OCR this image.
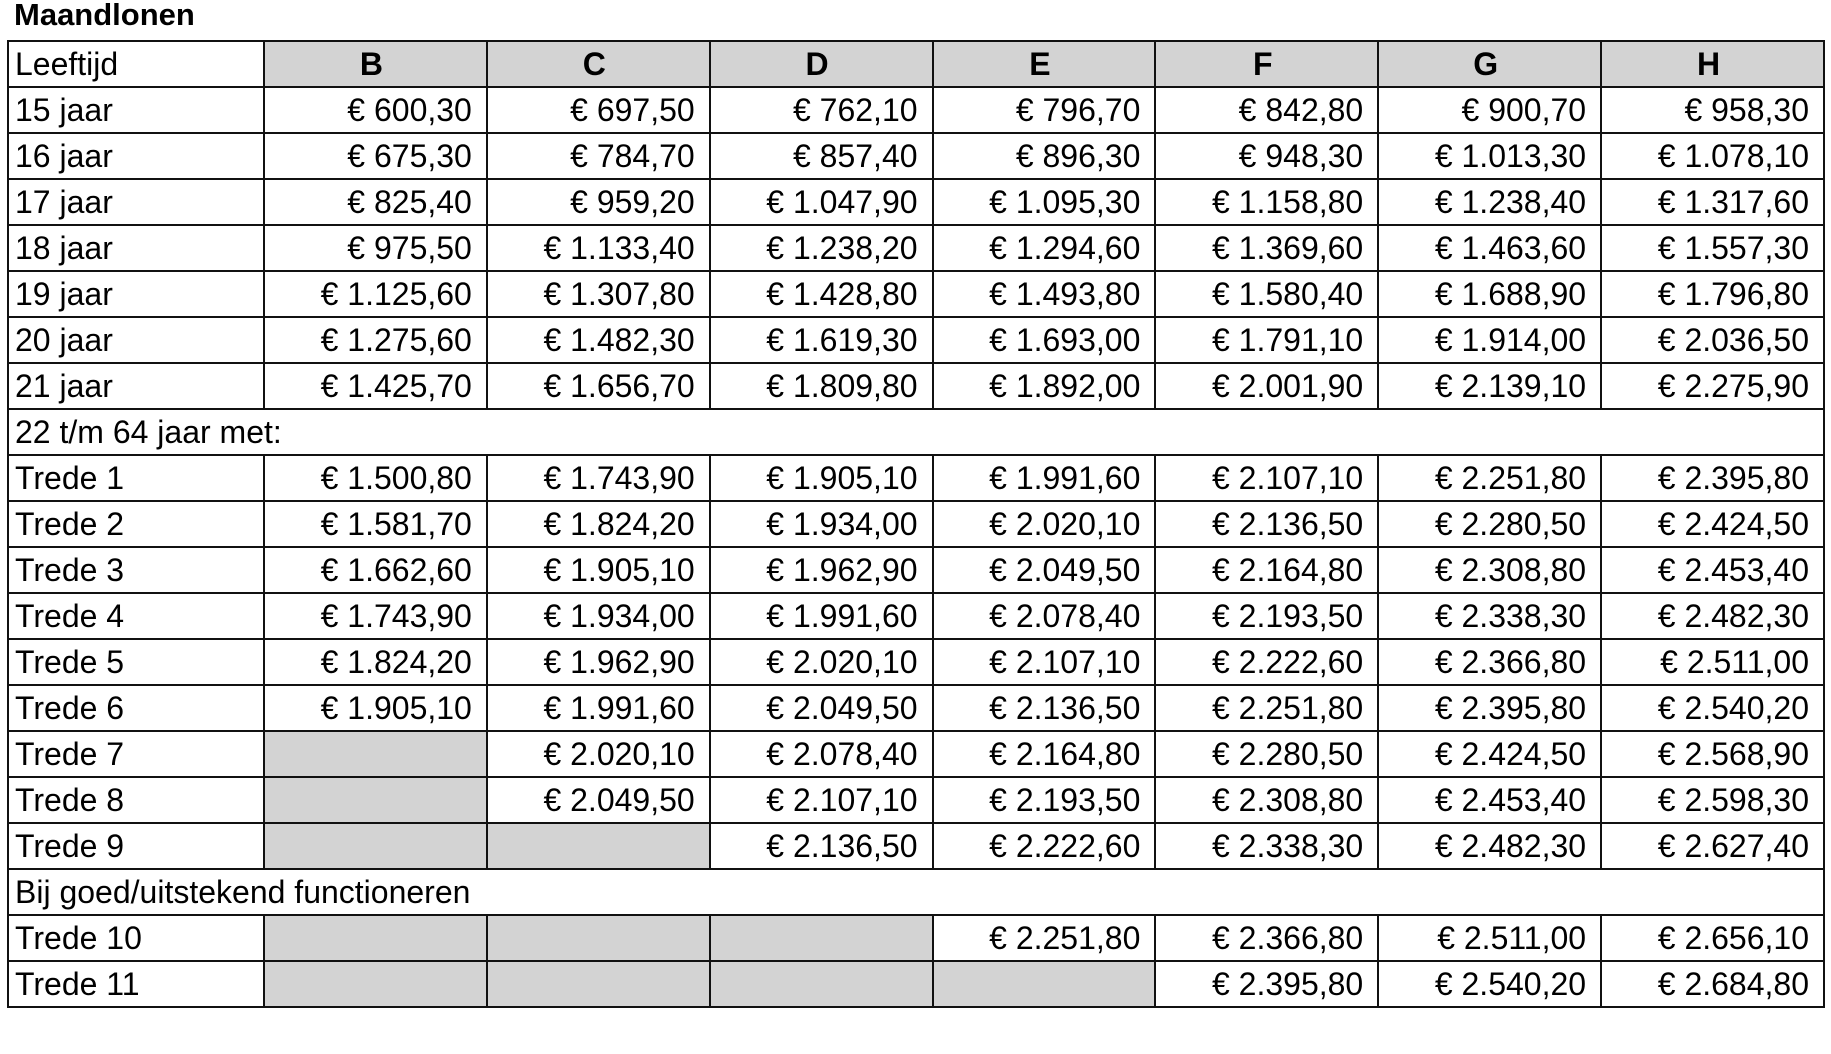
Maandlonen
Leeftijd	B	C	D	E	F	G	H
15 jaar	€ 600,30	€ 697,50	€ 762,10	€ 796,70	€ 842,80	€ 900,70	€ 958,30
16 jaar	€ 675,30	€ 784,70	€ 857,40	€ 896,30	€ 948,30	€ 1.013,30	€ 1.078,10
17 jaar	€ 825,40	€ 959,20	€ 1.047,90	€ 1.095,30	€ 1.158,80	€ 1.238,40	€ 1.317,60
18 jaar	€ 975,50	€ 1.133,40	€ 1.238,20	€ 1.294,60	€ 1.369,60	€ 1.463,60	€ 1.557,30
19 jaar	€ 1.125,60	€ 1.307,80	€ 1.428,80	€ 1.493,80	€ 1.580,40	€ 1.688,90	€ 1.796,80
20 jaar	€ 1.275,60	€ 1.482,30	€ 1.619,30	€ 1.693,00	€ 1.791,10	€ 1.914,00	€ 2.036,50
21 jaar	€ 1.425,70	€ 1.656,70	€ 1.809,80	€ 1.892,00	€ 2.001,90	€ 2.139,10	€ 2.275,90
22 t/m 64 jaar met:							
Trede 1	€ 1.500,80	€ 1.743,90	€ 1.905,10	€ 1.991,60	€ 2.107,10	€ 2.251,80	€ 2.395,80
Trede 2	€ 1.581,70	€ 1.824,20	€ 1.934,00	€ 2.020,10	€ 2.136,50	€ 2.280,50	€ 2.424,50
Trede 3	€ 1.662,60	€ 1.905,10	€ 1.962,90	€ 2.049,50	€ 2.164,80	€ 2.308,80	€ 2.453,40
Trede 4	€ 1.743,90	€ 1.934,00	€ 1.991,60	€ 2.078,40	€ 2.193,50	€ 2.338,30	€ 2.482,30
Trede 5	€ 1.824,20	€ 1.962,90	€ 2.020,10	€ 2.107,10	€ 2.222,60	€ 2.366,80	€ 2.511,00
Trede 6	€ 1.905,10	€ 1.991,60	€ 2.049,50	€ 2.136,50	€ 2.251,80	€ 2.395,80	€ 2.540,20
Trede 7		€ 2.020,10	€ 2.078,40	€ 2.164,80	€ 2.280,50	€ 2.424,50	€ 2.568,90
Trede 8		€ 2.049,50	€ 2.107,10	€ 2.193,50	€ 2.308,80	€ 2.453,40	€ 2.598,30
Trede 9			€ 2.136,50	€ 2.222,60	€ 2.338,30	€ 2.482,30	€ 2.627,40
Bij goed/uitstekend functioneren							
Trede 10				€ 2.251,80	€ 2.366,80	€ 2.511,00	€ 2.656,10
Trede 11					€ 2.395,80	€ 2.540,20	€ 2.684,80
